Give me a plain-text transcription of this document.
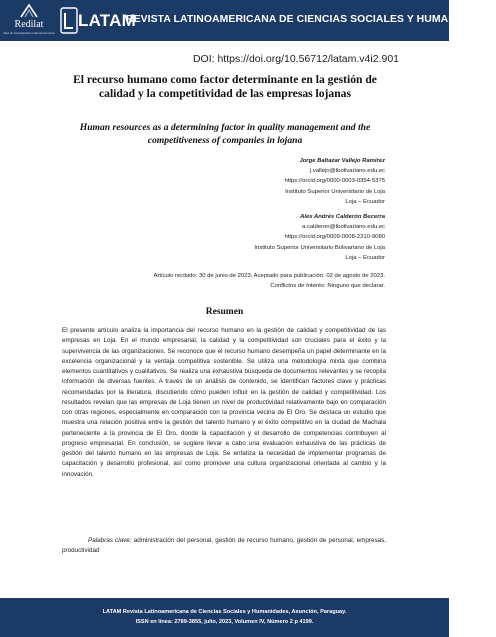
Redilat
Red de Investigación Latinoamericana
LATAM
REVISTA LATINOAMERICANA DE CIENCIAS SOCIALES Y HUMANIDADES
DOI: https://doi.org/10.56712/latam.v4i2.901
El recurso humano como factor determinante en la gestión de calidad y la competitividad de las empresas lojanas
Human resources as a determining factor in quality management and the competitiveness of companies in lojana
Jorge Baltazar Vallejo Ramírez
j.vallejo@tbolivariano.edu.ec
https://orcid.org/0000-0003-0354-5375
Instituto Superior Universitario de Loja
Loja – Ecuador
Alex Andrés Calderón Becerra
a.calderon@tbolivariano.edu.ec
https://orcid.org/0009-0008-2310-9080
Instituto Superior Universitario Bolivariano de Loja
Loja – Ecuador
Artículo recibido: 30 de junio de 2023. Aceptado para publicación: 02 de agosto de 2023.
Conflictos de Interés: Ninguno que declarar.
Resumen

El presente artículo analiza la importancia del recurso humano en la gestión de calidad y competitividad de las empresas en Loja. En el mundo empresarial, la calidad y la competitividad son cruciales para el éxito y la supervivencia de las organizaciones. Se reconoce que el recurso humano desempeña un papel determinante en la excelencia organizacional y la ventaja competitiva sostenible. Se utiliza una metodología mixta que combina elementos cuantitativos y cualitativos. Se realiza una exhaustiva búsqueda de documentos relevantes y se recopila información de diversas fuentes. A través de un análisis de contenido, se identifican factores clave y prácticas recomendadas por la literatura, discutiendo cómo pueden influir en la gestión de calidad y competitividad. Los resultados revelan que las empresas de Loja tienen un nivel de productividad relativamente bajo en comparación con otras regiones, especialmente en comparación con la provincia vecina de El Oro. Se destaca un estudio que muestra una relación positiva entre la gestión del talento humano y el éxito competitivo en la ciudad de Machala perteneciente a la provincia de El Oro, donde la capacitación y el desarrollo de competencias contribuyen al progreso empresarial. En conclusión, se sugiere llevar a cabo una evaluación exhaustiva de las prácticas de gestión del talento humano en las empresas de Loja. Se enfatiza la necesidad de implementar programas de capacitación y desarrollo profesional, así como promover una cultura organizacional orientada al cambio y la innovación.

Palabras clave: administración del personal, gestión de recurso humano, gestión de personal, empresas, productividad

LATAM Revista Latinoamericana de Ciencias Sociales y Humanidades, Asunción, Paraguay.
ISSN en línea: 2789-3855, julio, 2023, Volumen IV, Número 2 p 4199.
